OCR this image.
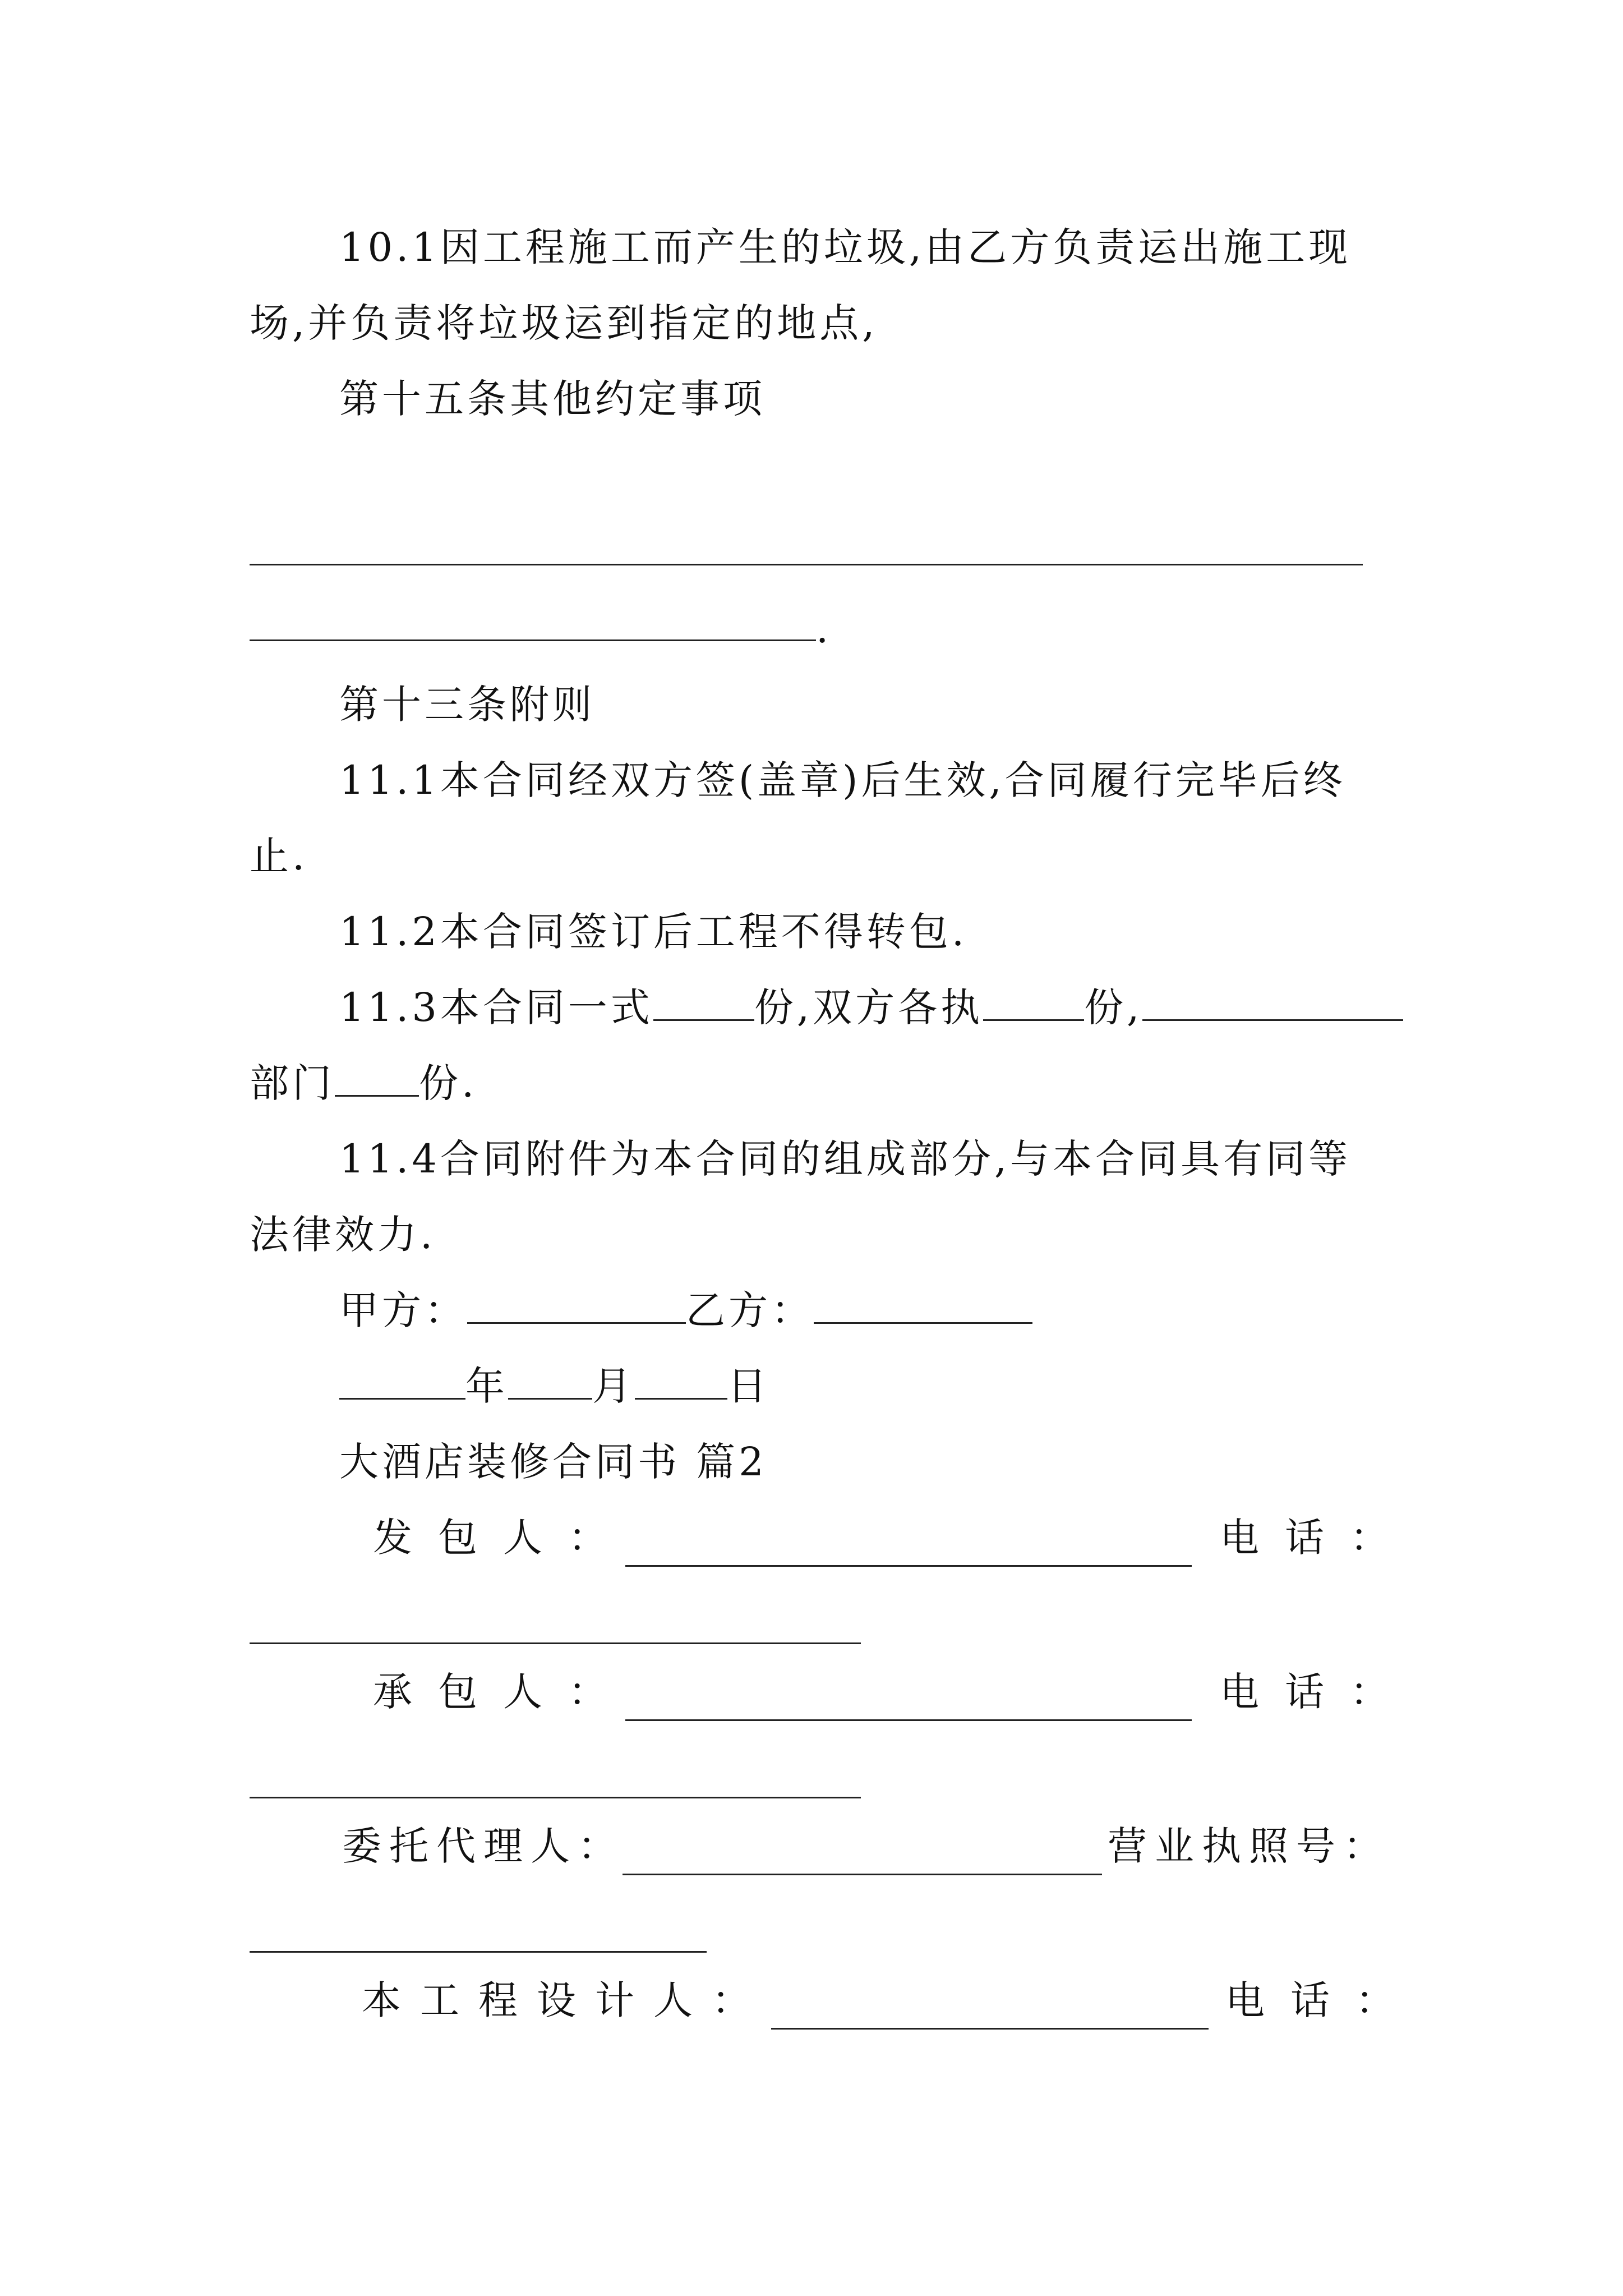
10.1因工程施工而产生的垃圾,由乙方负责运出施工现
场,并负责将垃圾运到指定的地点,
第十五条其他约定事项
.
第十三条附则
11.1本合同经双方签(盖章)后生效,合同履行完毕后终
止.
11.2本合同签订后工程不得转包.
11.3本合同一式	份,双方各执	份,
部门 份.
11.4合同附件为本合同的组成部分,与本合同具有同等
法律效力.
甲方：	乙方：
年 月 日
大酒店装修合同书 篇2
发包人：	电话：
承包人：	电话：
委托代理人：	营业执照号：
本工程设计人：	电话：
